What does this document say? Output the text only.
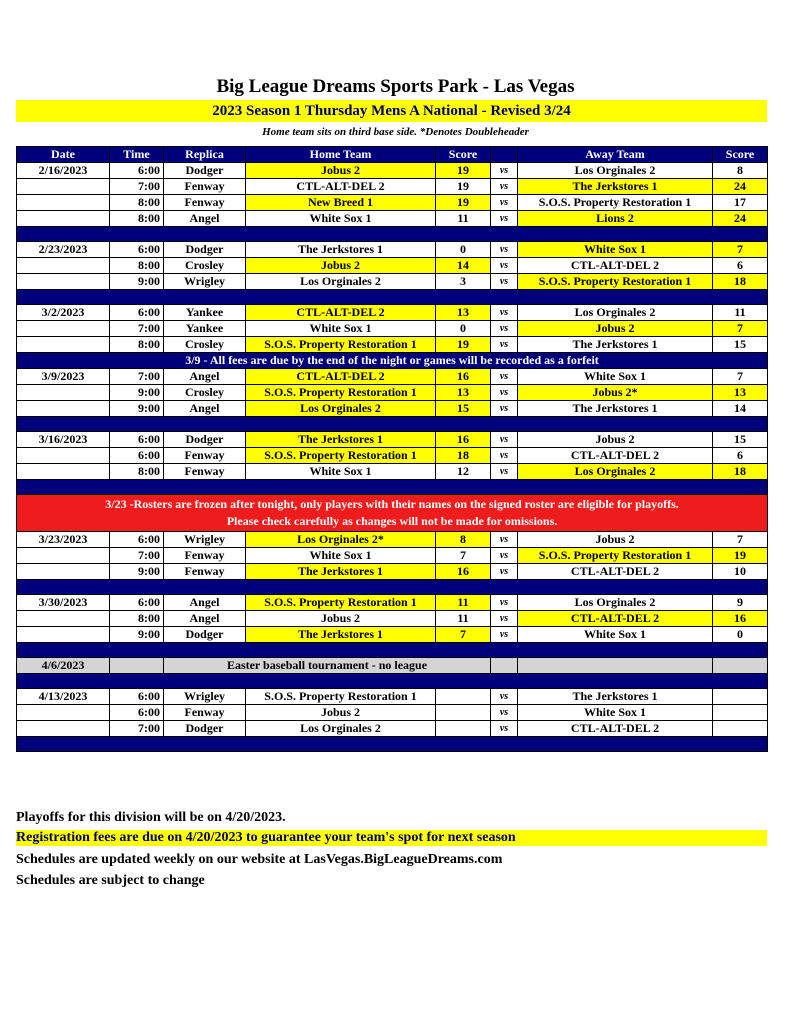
Big League Dreams Sports Park - Las Vegas
2023 Season 1 Thursday Mens A National - Revised 3/24
Home team sits on third base side. *Denotes Doubleheader
Date	Time	Replica	Home Team	Score		Away Team	Score
2/16/2023	6:00	Dodger	Jobus 2	19	vs	Los Orginales 2	8
	7:00	Fenway	CTL-ALT-DEL 2	19	vs	The Jerkstores 1	24
	8:00	Fenway	New Breed 1	19	vs	S.O.S. Property Restoration 1	17
	8:00	Angel	White Sox 1	11	vs	Lions 2	24

2/23/2023	6:00	Dodger	The Jerkstores 1	0	vs	White Sox 1	7
	8:00	Crosley	Jobus 2	14	vs	CTL-ALT-DEL 2	6
	9:00	Wrigley	Los Orginales 2	3	vs	S.O.S. Property Restoration 1	18

3/2/2023	6:00	Yankee	CTL-ALT-DEL 2	13	vs	Los Orginales 2	11
	7:00	Yankee	White Sox 1	0	vs	Jobus 2	7
	8:00	Crosley	S.O.S. Property Restoration 1	19	vs	The Jerkstores 1	15
3/9 - All fees are due by the end of the night or games will be recorded as a forfeit							
3/9/2023	7:00	Angel	CTL-ALT-DEL 2	16	vs	White Sox 1	7
	9:00	Crosley	S.O.S. Property Restoration 1	13	vs	Jobus 2*	13
	9:00	Angel	Los Orginales 2	15	vs	The Jerkstores 1	14

3/16/2023	6:00	Dodger	The Jerkstores 1	16	vs	Jobus 2	15
	6:00	Fenway	S.O.S. Property Restoration 1	18	vs	CTL-ALT-DEL 2	6
	8:00	Fenway	White Sox 1	12	vs	Los Orginales 2	18

3/23 -Rosters are frozen after tonight, only players with their names on the signed roster are eligible for playoffs.
Please check carefully as changes will not be made for omissions.							

3/23/2023	6:00	Wrigley	Los Orginales 2*	8	vs	Jobus 2	7
	7:00	Fenway	White Sox 1	7	vs	S.O.S. Property Restoration 1	19
	9:00	Fenway	The Jerkstores 1	16	vs	CTL-ALT-DEL 2	10

3/30/2023	6:00	Angel	S.O.S. Property Restoration 1	11	vs	Los Orginales 2	9
	8:00	Angel	Jobus 2	11	vs	CTL-ALT-DEL 2	16
	9:00	Dodger	The Jerkstores 1	7	vs	White Sox 1	0

4/6/2023		Easter baseball tournament - no league					

4/13/2023	6:00	Wrigley	S.O.S. Property Restoration 1		vs	The Jerkstores 1	
	6:00	Fenway	Jobus 2		vs	White Sox 1	
	7:00	Dodger	Los Orginales 2		vs	CTL-ALT-DEL 2	

Playoffs for this division will be on 4/20/2023.
Registration fees are due on 4/20/2023 to guarantee your team's spot for next season
Schedules are updated weekly on our website at LasVegas.BigLeagueDreams.com
Schedules are subject to change
